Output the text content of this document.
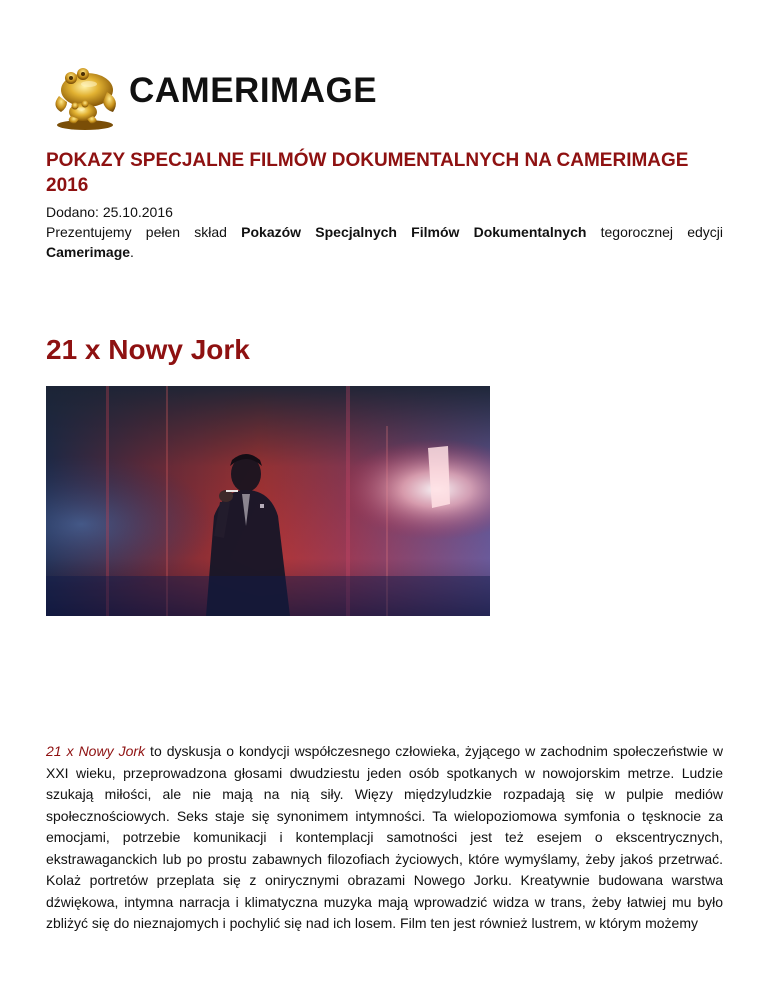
CAMERIMAGE
POKAZY SPECJALNE FILMÓW DOKUMENTALNYCH NA CAMERIMAGE 2016
Dodano: 25.10.2016

Prezentujemy pełen skład Pokazów Specjalnych Filmów Dokumentalnych tegorocznej edycji Camerimage.

21 x Nowy Jork

21 x Nowy Jork to dyskusja o kondycji współczesnego człowieka, żyjącego w zachodnim społeczeństwie w XXI wieku, przeprowadzona głosami dwudziestu jeden osób spotkanych w nowojorskim metrze. Ludzie szukają miłości, ale nie mają na nią siły. Więzy międzyludzkie rozpadają się w pulpie mediów społecznościowych. Seks staje się synonimem intymności. Ta wielopoziomowa symfonia o tęsknocie za emocjami, potrzebie komunikacji i kontemplacji samotności jest też esejem o ekscentrycznych, ekstrawaganckich lub po prostu zabawnych filozofiach życiowych, które wymyślamy, żeby jakoś przetrwać. Kolaż portretów przeplata się z onirycznymi obrazami Nowego Jorku. Kreatywnie budowana warstwa dźwiękowa, intymna narracja i klimatyczna muzyka mają wprowadzić widza w trans, żeby łatwiej mu było zbliżyć się do nieznajomych i pochylić się nad ich losem. Film ten jest również lustrem, w którym możemy
